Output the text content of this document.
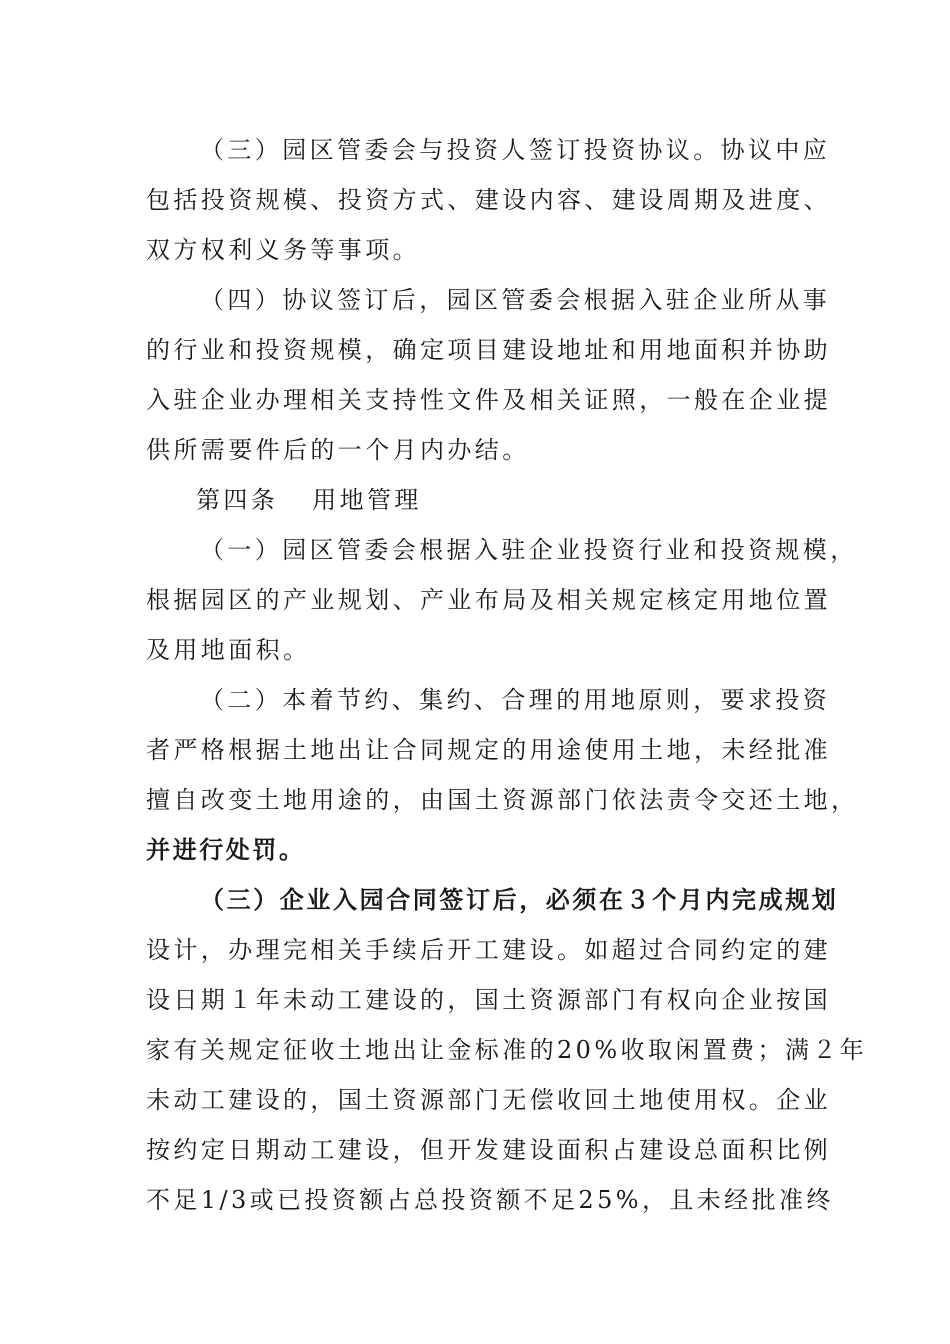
（三）园区管委会与投资人签订投资协议。协议中应
包括投资规模、投资方式、建设内容、建设周期及进度、
双方权利义务等事项。
（四）协议签订后，园区管委会根据入驻企业所从事
的行业和投资规模，确定项目建设地址和用地面积并协助
入驻企业办理相关支持性文件及相关证照，一般在企业提
供所需要件后的一个月内办结。
第四条 用地管理
（一）园区管委会根据入驻企业投资行业和投资规模，
根据园区的产业规划、产业布局及相关规定核定用地位置
及用地面积。
（二）本着节约、集约、合理的用地原则，要求投资
者严格根据土地出让合同规定的用途使用土地，未经批准
擅自改变土地用途的，由国土资源部门依法责令交还土地，
并进行处罚。
（三）企业入园合同签订后，必须在３个月内完成规划
设计，办理完相关手续后开工建设。如超过合同约定的建
设日期１年未动工建设的，国土资源部门有权向企业按国
家有关规定征收土地出让金标准的20%收取闲置费；满２年
未动工建设的，国土资源部门无偿收回土地使用权。企业
按约定日期动工建设，但开发建设面积占建设总面积比例
不足1/3或已投资额占总投资额不足25%，且未经批准终
